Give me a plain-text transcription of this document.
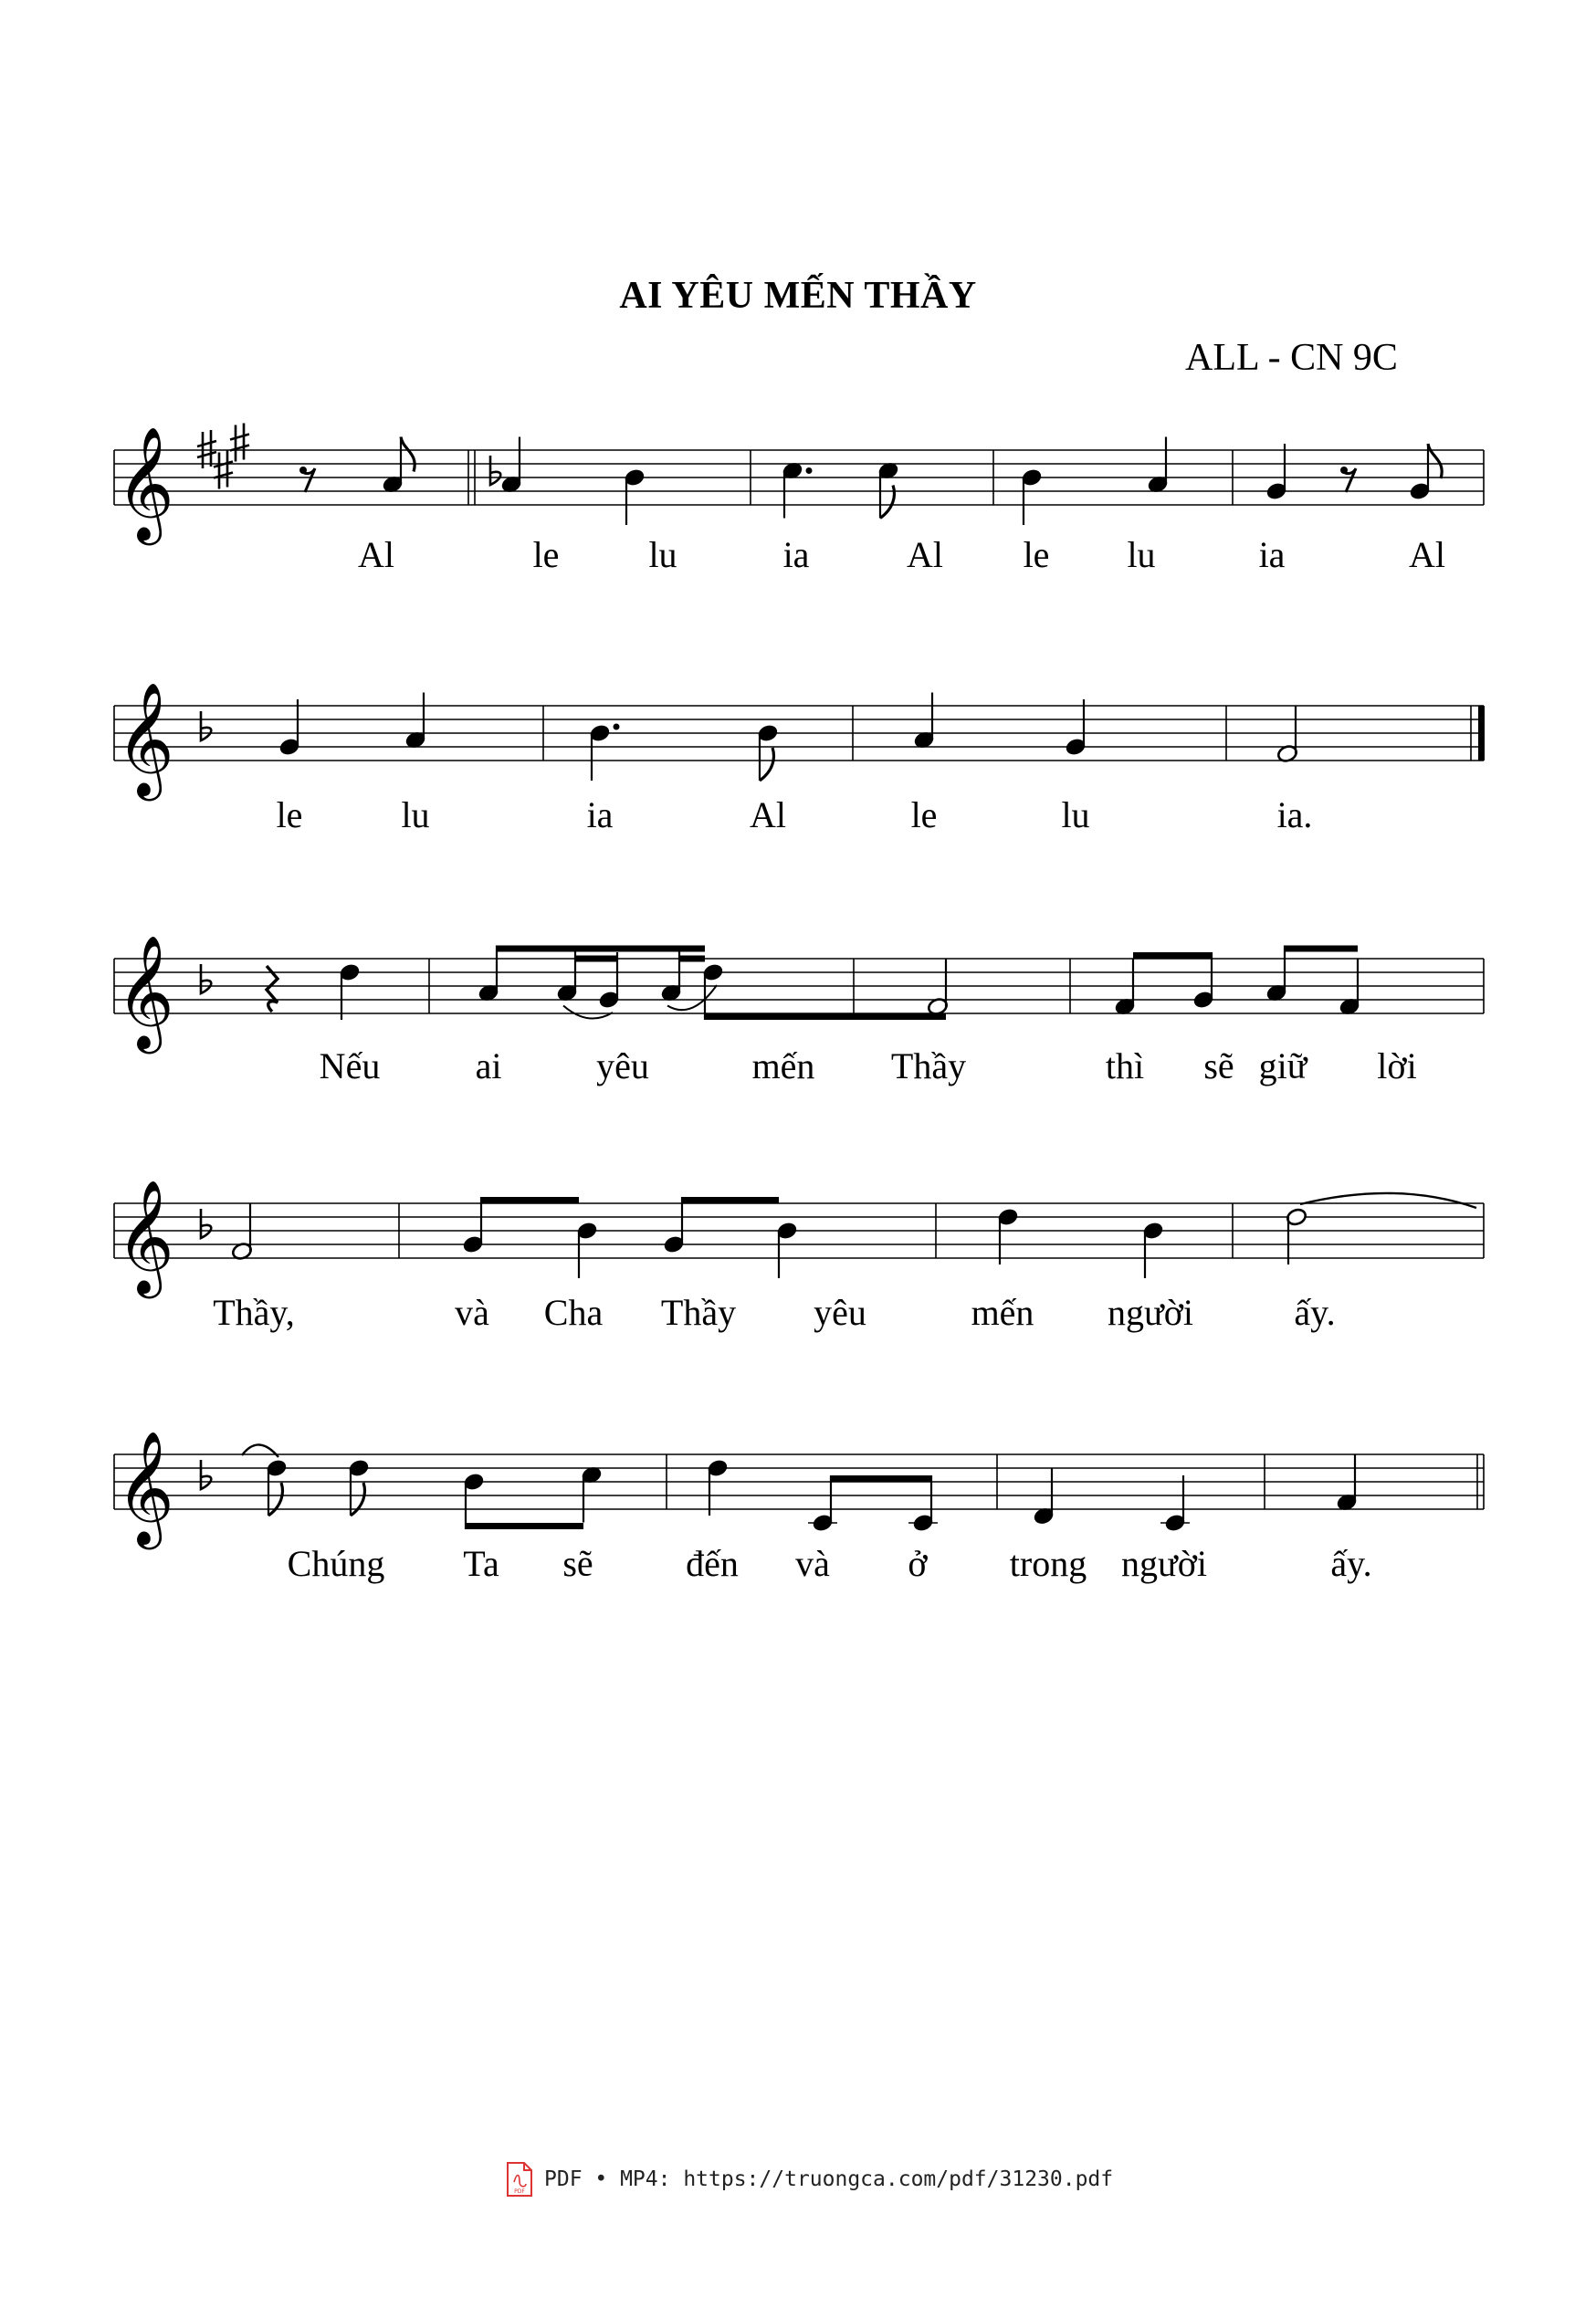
AI YÊU MẾN THẦY
ALL - CN 9C
𝄞
𝄞
𝄞
𝄞
𝄞
PDF
PDF • MP4: https://truongca.com/pdf/31230.pdf
Al	le lu	ia	Al le lu	ia	Al
le	lu	ia	Al	le	lu	ia.
Nếu	ai	yêu	mến Thầy	thì sẽ giữ lời
Thầy,	và Cha Thầy yêu	mến người	ấy.
Chúng Ta sẽ	đến và ở trong người	ấy.
